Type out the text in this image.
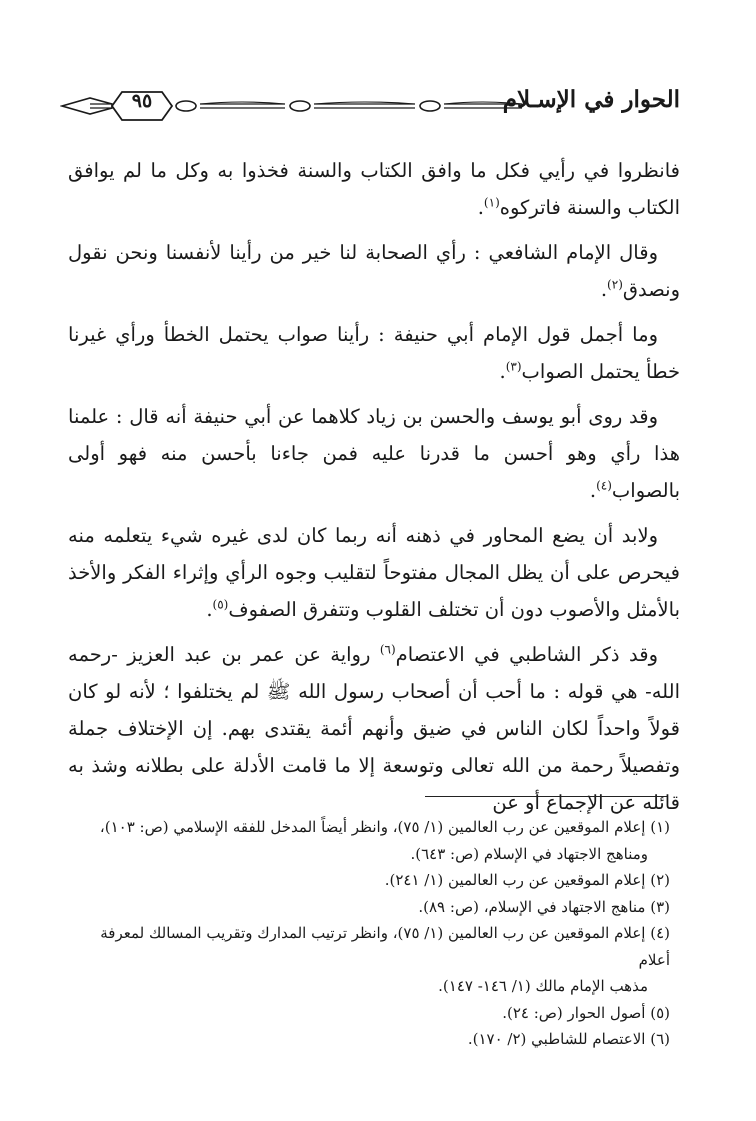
٩٥	الحوار في الإسـلام

فانظروا في رأيي فكل ما وافق الكتاب والسنة فخذوا به وكل ما لم يوافق الكتاب والسنة فاتركوه$^{(١)}$.

وقال الإمام الشافعي : رأي الصحابة لنا خير من رأينا لأنفسنا ونحن نقول ونصدق$^{(٢)}$.

وما أجمل قول الإمام أبي حنيفة : رأينا صواب يحتمل الخطأ ورأي غيرنا خطأ يحتمل الصواب$^{(٣)}$.

وقد روى أبو يوسف والحسن بن زياد كلاهما عن أبي حنيفة أنه قال : علمنا هذا رأي وهو أحسن ما قدرنا عليه فمن جاءنا بأحسن منه فهو أولى بالصواب$^{(٤)}$.

ولابد أن يضع المحاور في ذهنه أنه ربما كان لدى غيره شيء يتعلمه منه فيحرص على أن يظل المجال مفتوحاً لتقليب وجوه الرأي وإثراء الفكر والأخذ بالأمثل والأصوب دون أن تختلف القلوب وتتفرق الصفوف$^{(٥)}$.

وقد ذكر الشاطبي في الاعتصام$^{(٦)}$ رواية عن عمر بن عبد العزيز -رحمه الله- هي قوله : ما أحب أن أصحاب رسول الله ﷺ لم يختلفوا ؛ لأنه لو كان قولاً واحداً لكان الناس في ضيق وأنهم أئمة يقتدى بهم. إن الإختلاف جملة وتفصيلاً رحمة من الله تعالى وتوسعة إلا ما قامت الأدلة على بطلانه وشذ به قائله عن الإجماع أو عن

(١) إعلام الموقعين عن رب العالمين (١/ ٧٥)، وانظر أيضاً المدخل للفقه الإسلامي (ص: ١٠٣)،
ومناهج الاجتهاد في الإسلام (ص: ٦٤٣).
(٢) إعلام الموقعين عن رب العالمين (١/ ٢٤١).
(٣) مناهج الاجتهاد في الإسلام، (ص: ٨٩).
(٤) إعلام الموقعين عن رب العالمين (١/ ٧٥)، وانظر ترتيب المدارك وتقريب المسالك لمعرفة أعلام
مذهب الإمام مالك (١/ ١٤٦- ١٤٧).
(٥) أصول الحوار (ص: ٢٤).
(٦) الاعتصام للشاطبي (٢/ ١٧٠).
